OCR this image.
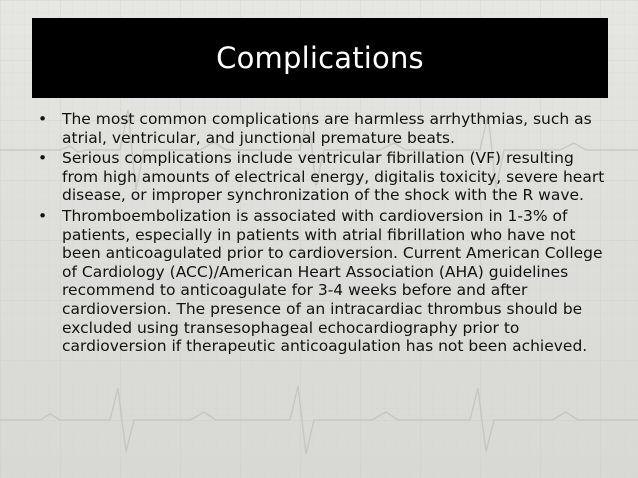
Complications
• The most common complications are harmless arrhythmias, such as atrial, ventricular, and junctional premature beats.
• Serious complications include ventricular fibrillation (VF) resulting from high amounts of electrical energy, digitalis toxicity, severe heart disease, or improper synchronization of the shock with the R wave.
• Thromboembolization is associated with cardioversion in 1-3% of patients, especially in patients with atrial fibrillation who have not been anticoagulated prior to cardioversion. Current American College of Cardiology (ACC)/American Heart Association (AHA) guidelines recommend to anticoagulate for 3-4 weeks before and after cardioversion. The presence of an intracardiac thrombus should be excluded using transesophageal echocardiography prior to cardioversion if therapeutic anticoagulation has not been achieved.
